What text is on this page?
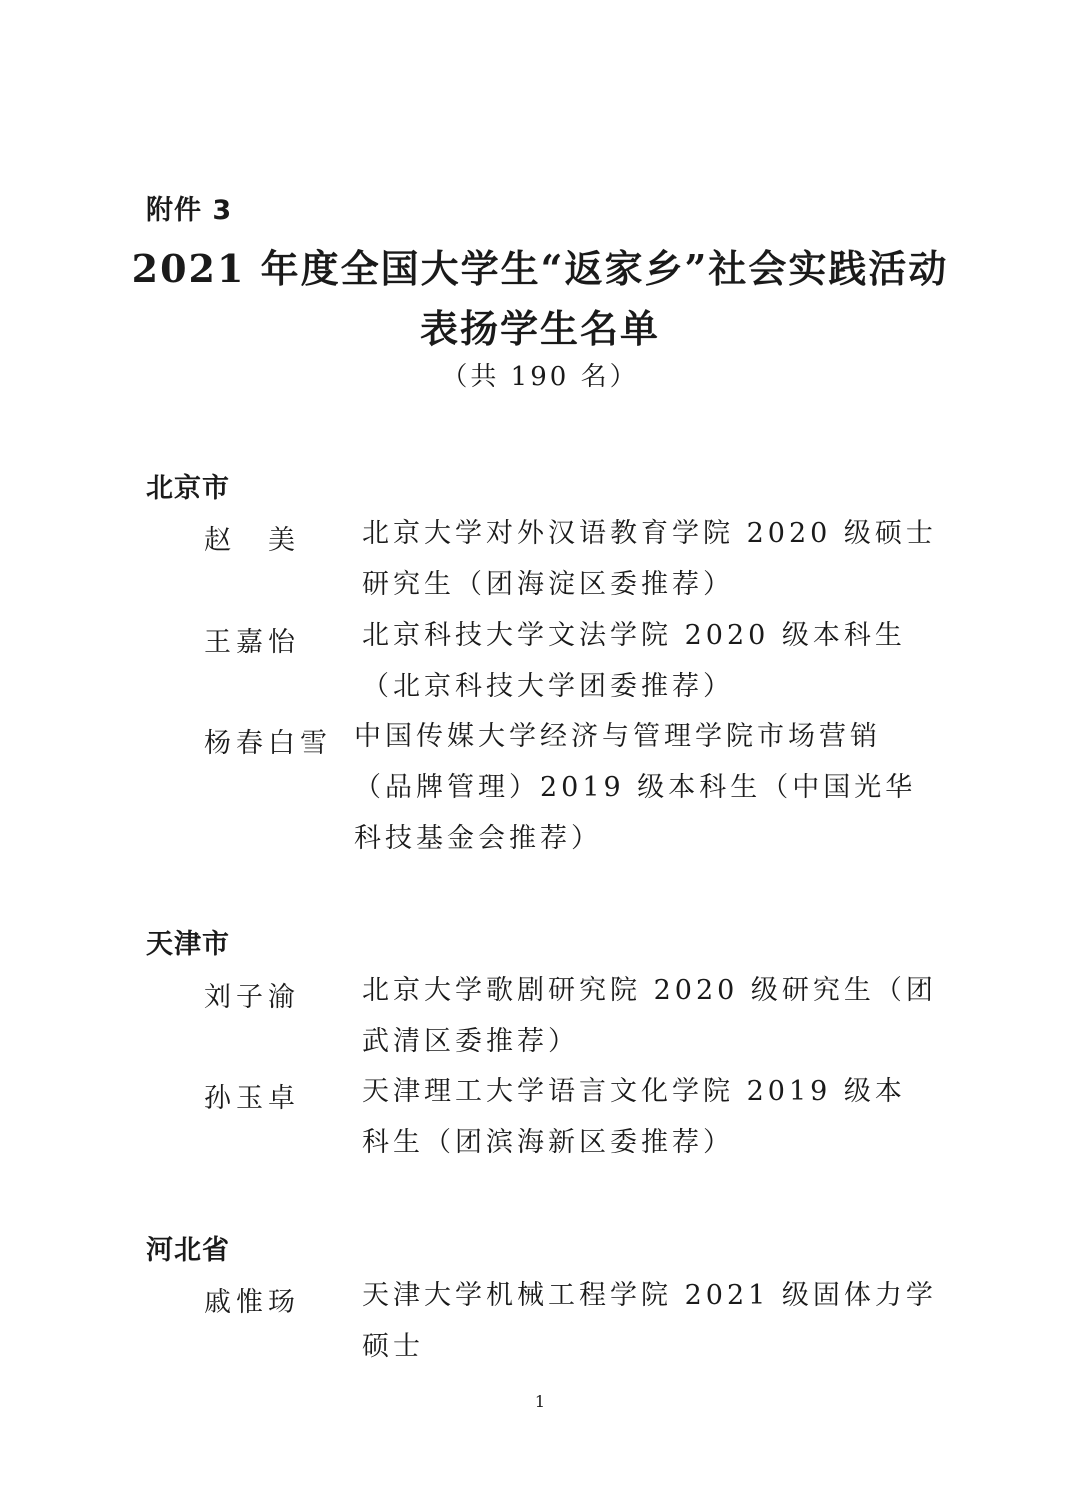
附件 3
2021 年度全国大学生“返家乡”社会实践活动
表扬学生名单
（共 190 名）
北京市
赵　美 北京大学对外汉语教育学院 2020 级硕士研究生（团海淀区委推荐）
王嘉怡 北京科技大学文法学院 2020 级本科生（北京科技大学团委推荐）
杨春白雪 中国传媒大学经济与管理学院市场营销（品牌管理）2019 级本科生（中国光华科技基金会推荐）
天津市
刘子渝 北京大学歌剧研究院 2020 级研究生（团武清区委推荐）
孙玉卓 天津理工大学语言文化学院 2019 级本科生（团滨海新区委推荐）
河北省
戚惟玚 天津大学机械工程学院 2021 级固体力学硕士
1
